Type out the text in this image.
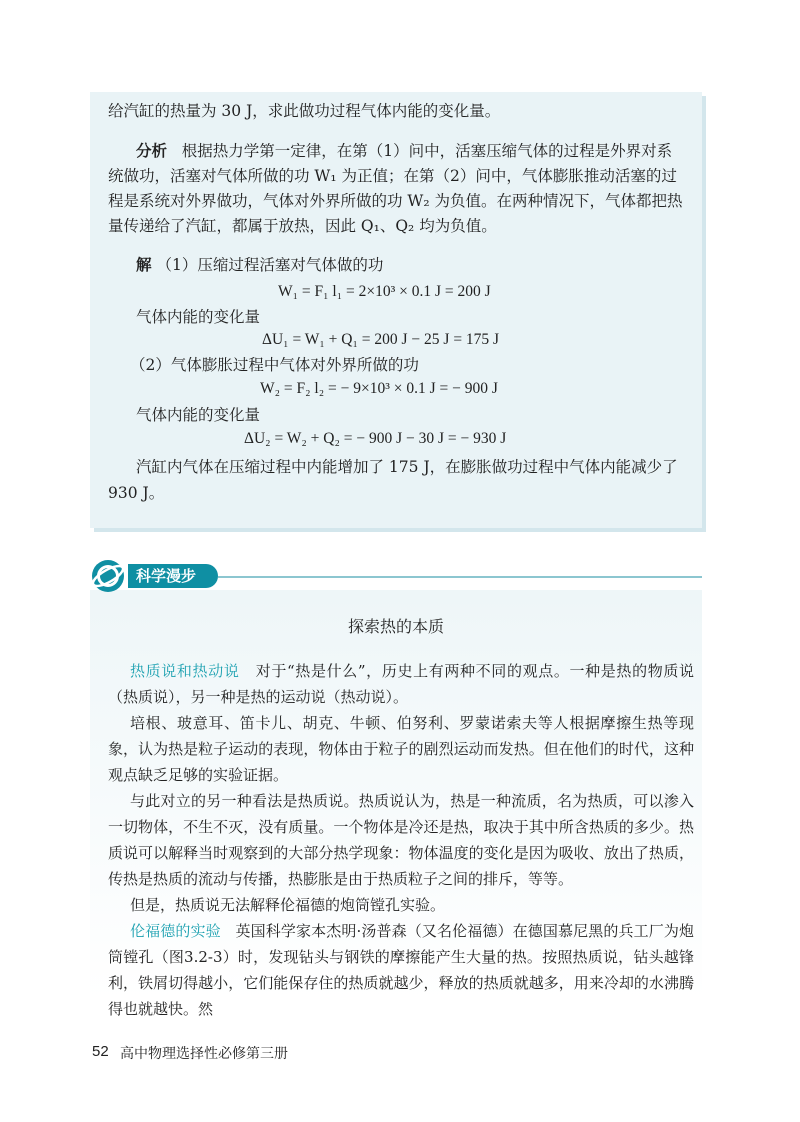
给汽缸的热量为 30 J，求此做功过程气体内能的变化量。
分析 根据热力学第一定律，在第（1）问中，活塞压缩气体的过程是外界对系
统做功，活塞对气体所做的功 W₁ 为正值；在第（2）问中，气体膨胀推动活塞的过
程是系统对外界做功，气体对外界所做的功 W₂ 为负值。在两种情况下，气体都把热
量传递给了汽缸，都属于放热，因此 Q₁、Q₂ 均为负值。
解 （1）压缩过程活塞对气体做的功
W₁ = F₁ l₁ = 2×10³ × 0.1 J = 200 J
气体内能的变化量
ΔU₁ = W₁ + Q₁ = 200 J − 25 J = 175 J
（2）气体膨胀过程中气体对外界所做的功
W₂ = F₂ l₂ = − 9×10³ × 0.1 J = − 900 J
气体内能的变化量
ΔU₂ = W₂ + Q₂ = − 900 J − 30 J = − 930 J
汽缸内气体在压缩过程中内能增加了 175 J，在膨胀做功过程中气体内能减少了
930 J。
科学漫步
探索热的本质

热质说和热动说 对于“热是什么”，历史上有两种不同的观点。一种是热的物质说（热质说），另一种是热的运动说（热动说）。

培根、玻意耳、笛卡儿、胡克、牛顿、伯努利、罗蒙诺索夫等人根据摩擦生热等现象，认为热是粒子运动的表现，物体由于粒子的剧烈运动而发热。但在他们的时代，这种观点缺乏足够的实验证据。

与此对立的另一种看法是热质说。热质说认为，热是一种流质，名为热质，可以渗入一切物体，不生不灭，没有质量。一个物体是冷还是热，取决于其中所含热质的多少。热质说可以解释当时观察到的大部分热学现象：物体温度的变化是因为吸收、放出了热质，传热是热质的流动与传播，热膨胀是由于热质粒子之间的排斥，等等。

但是，热质说无法解释伦福德的炮筒镗孔实验。

伦福德的实验 英国科学家本杰明·汤普森（又名伦福德）在德国慕尼黑的兵工厂为炮筒镗孔（图3.2-3）时，发现钻头与钢铁的摩擦能产生大量的热。按照热质说，钻头越锋利，铁屑切得越小，它们能保存住的热质就越少，释放的热质就越多，用来冷却的水沸腾得也就越快。然

52 高中物理选择性必修第三册
